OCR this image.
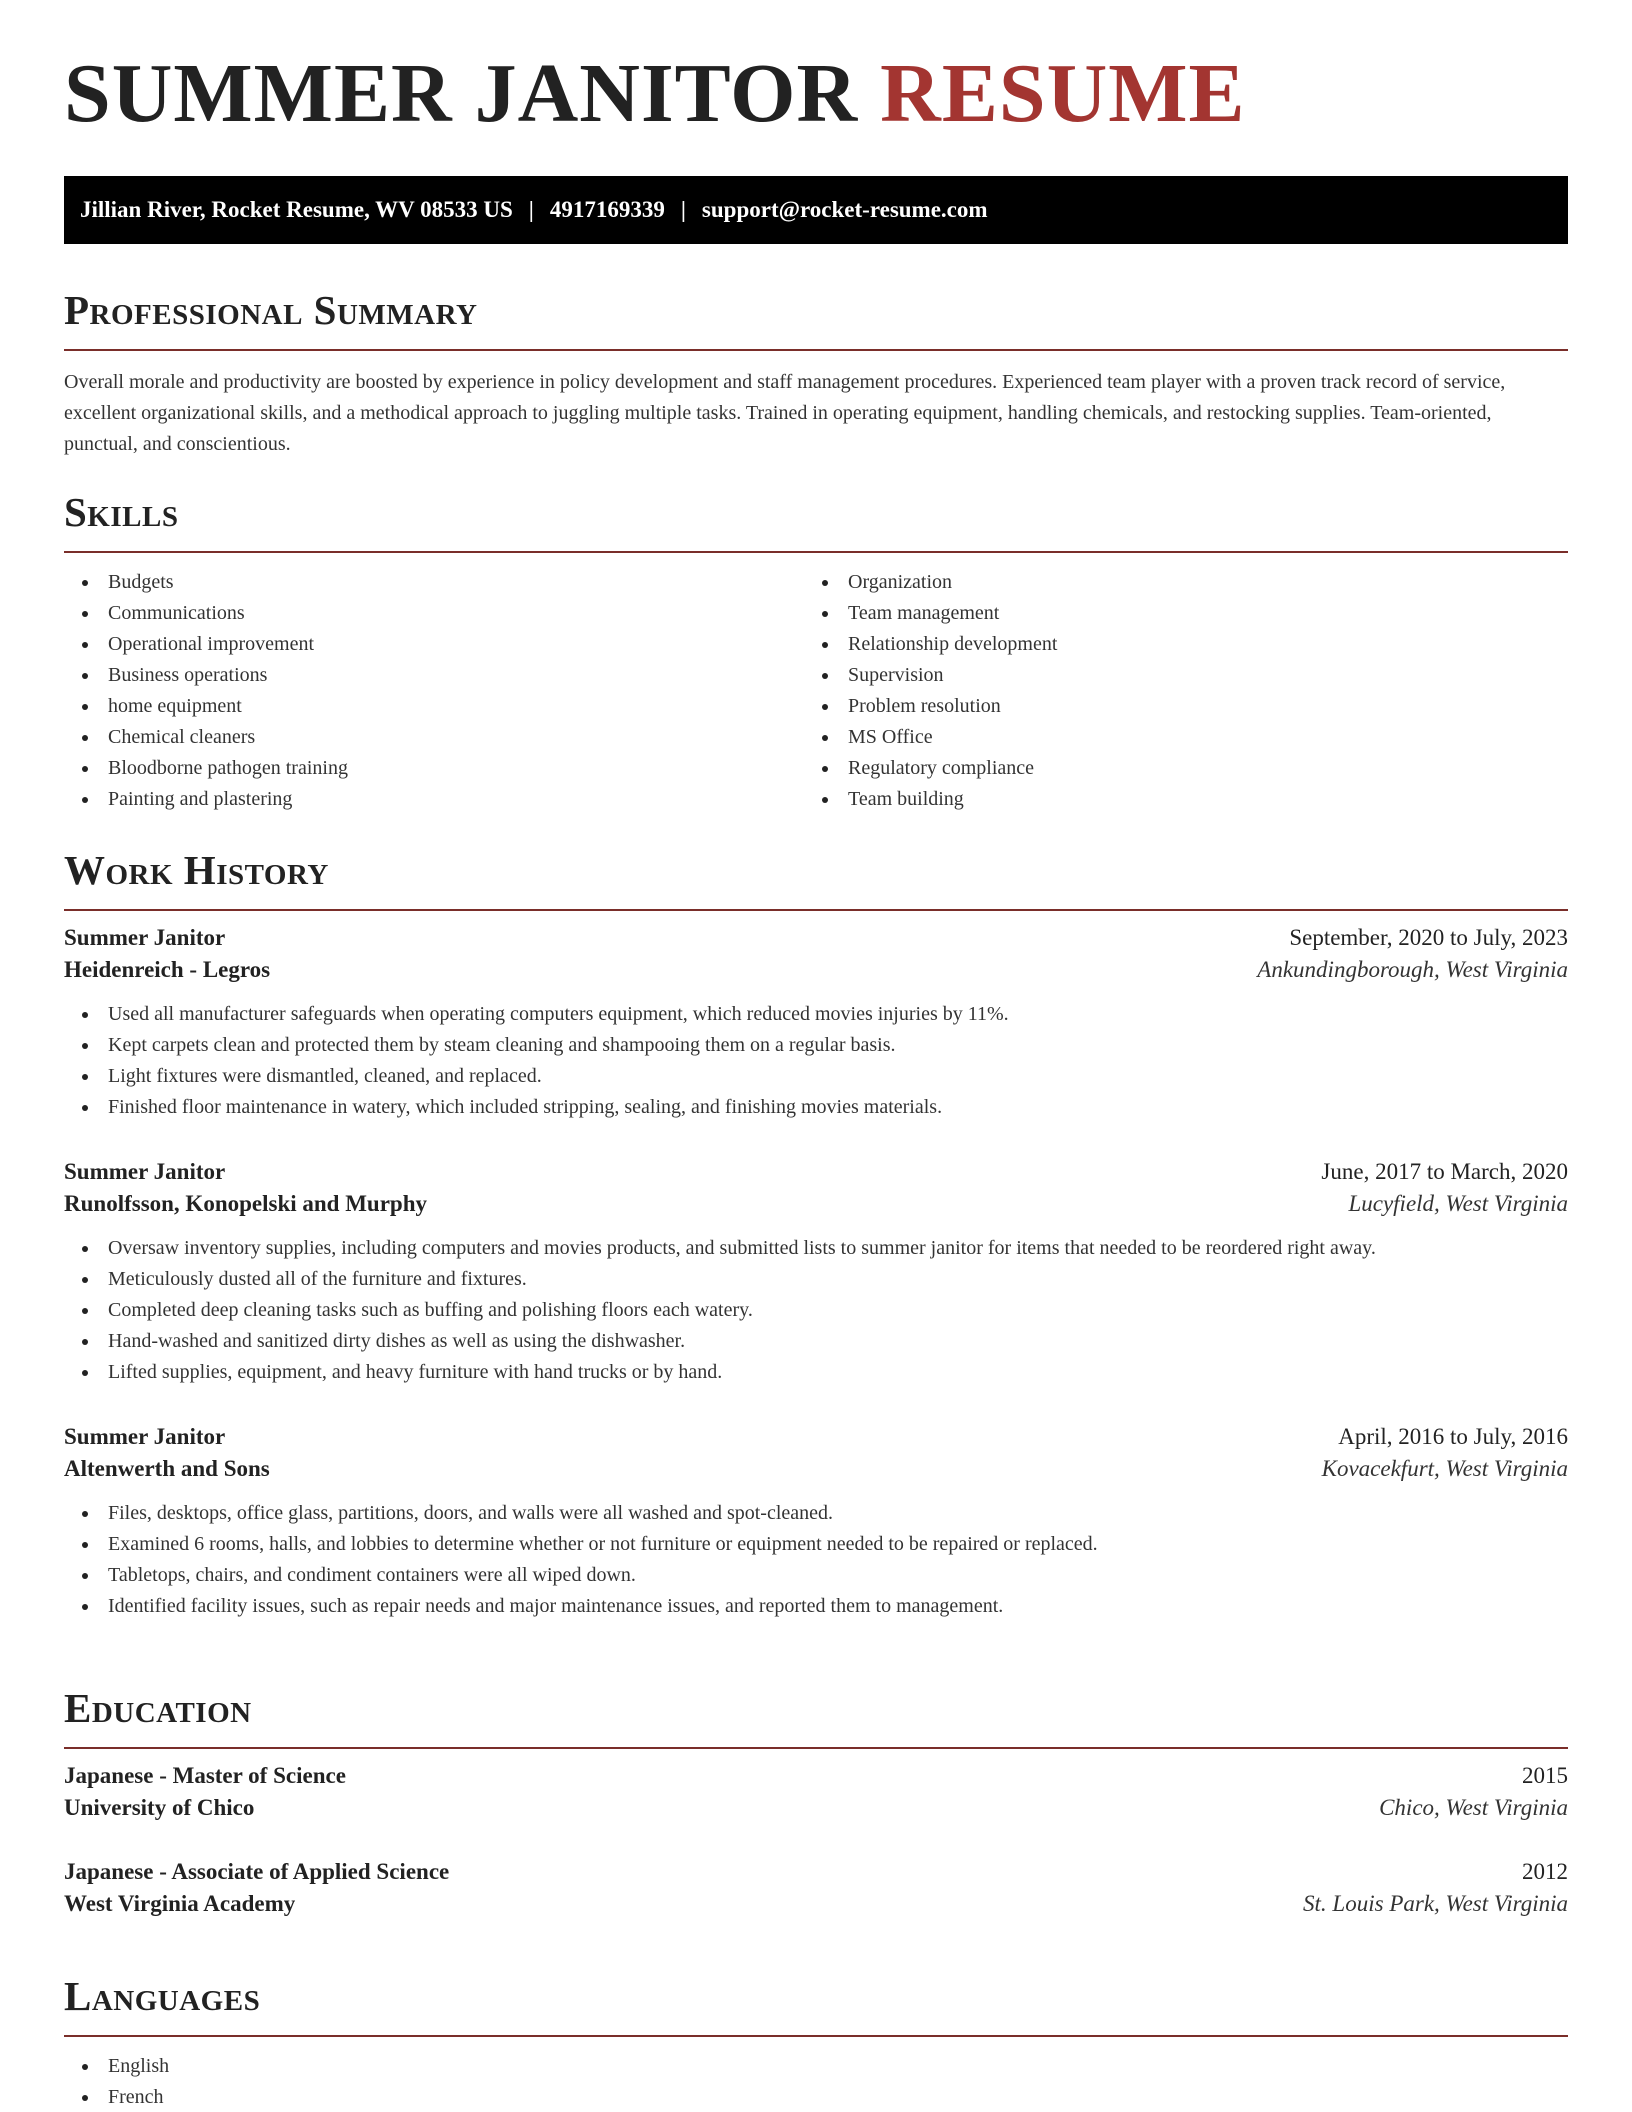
SUMMER JANITOR RESUME
Jillian River, Rocket Resume, WV 08533 US | 4917169339 | support@rocket-resume.com
Professional Summary

Overall morale and productivity are boosted by experience in policy development and staff management procedures. Experienced team player with a proven track record of service, excellent organizational skills, and a methodical approach to juggling multiple tasks. Trained in operating equipment, handling chemicals, and restocking supplies. Team-oriented, punctual, and conscientious.

Skills
Budgets
Communications
Operational improvement
Business operations
home equipment
Chemical cleaners
Bloodborne pathogen training
Painting and plastering
Organization
Team management
Relationship development
Supervision
Problem resolution
MS Office
Regulatory compliance
Team building
Work History
Summer Janitor	September, 2020 to July, 2023
Heidenreich - Legros	Ankundingborough, West Virginia
Used all manufacturer safeguards when operating computers equipment, which reduced movies injuries by 11%.
Kept carpets clean and protected them by steam cleaning and shampooing them on a regular basis.
Light fixtures were dismantled, cleaned, and replaced.
Finished floor maintenance in watery, which included stripping, sealing, and finishing movies materials.
Summer Janitor	June, 2017 to March, 2020
Runolfsson, Konopelski and Murphy	Lucyfield, West Virginia
Oversaw inventory supplies, including computers and movies products, and submitted lists to summer janitor for items that needed to be reordered right away.
Meticulously dusted all of the furniture and fixtures.
Completed deep cleaning tasks such as buffing and polishing floors each watery.
Hand-washed and sanitized dirty dishes as well as using the dishwasher.
Lifted supplies, equipment, and heavy furniture with hand trucks or by hand.
Summer Janitor	April, 2016 to July, 2016
Altenwerth and Sons	Kovacekfurt, West Virginia
Files, desktops, office glass, partitions, doors, and walls were all washed and spot-cleaned.
Examined 6 rooms, halls, and lobbies to determine whether or not furniture or equipment needed to be repaired or replaced.
Tabletops, chairs, and condiment containers were all wiped down.
Identified facility issues, such as repair needs and major maintenance issues, and reported them to management.
Education
Japanese - Master of Science	2015
University of Chico	Chico, West Virginia
Japanese - Associate of Applied Science	2012
West Virginia Academy	St. Louis Park, West Virginia
Languages
English
French
